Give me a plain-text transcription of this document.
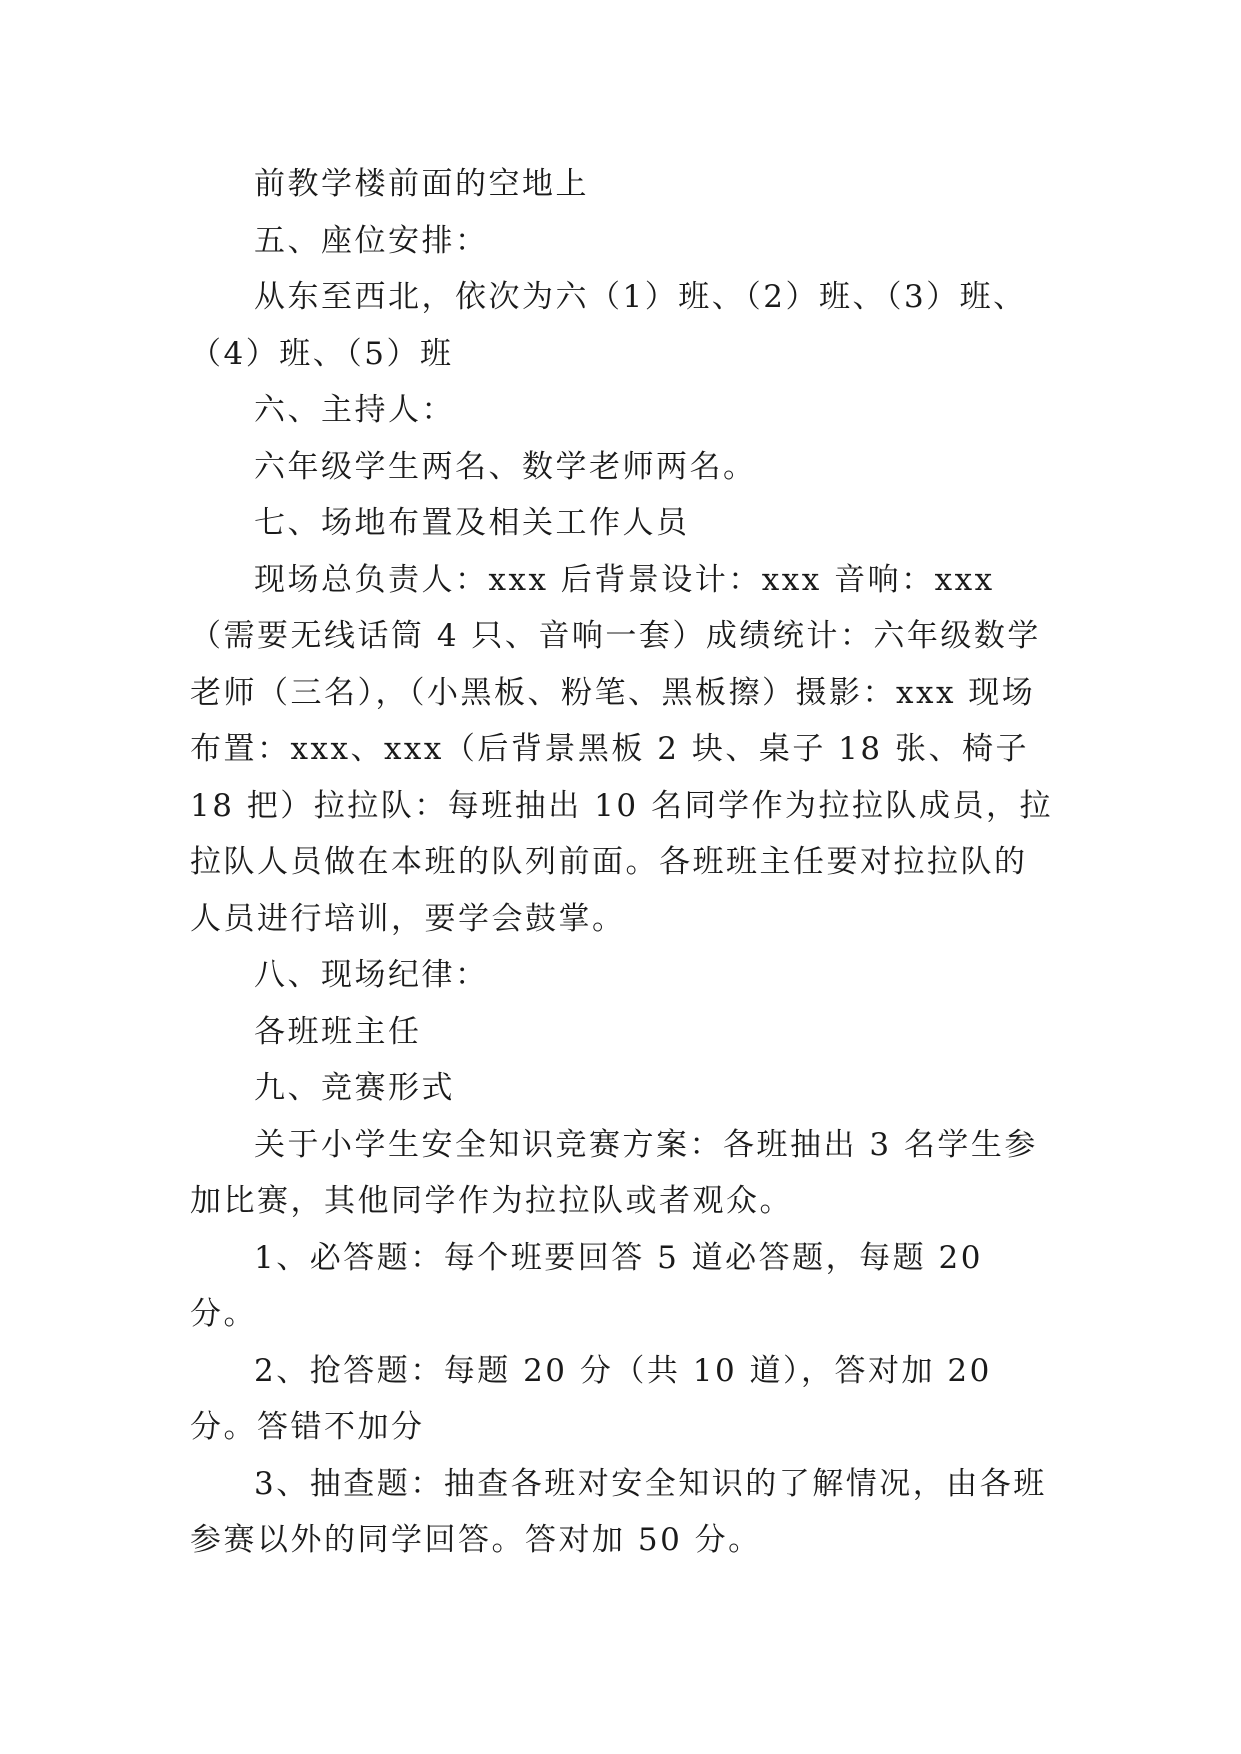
前教学楼前面的空地上

五、座位安排：

从东至西北，依次为六（1）班、（2）班、（3）班、（4）班、（5）班

六、主持人：

六年级学生两名、数学老师两名。

七、场地布置及相关工作人员

现场总负责人：xxx 后背景设计：xxx 音响：xxx（需要无线话筒 4 只、音响一套）成绩统计：六年级数学老师（三名），（小黑板、粉笔、黑板擦）摄影：xxx 现场布置：xxx、xxx（后背景黑板 2 块、桌子 18 张、椅子 18 把）拉拉队：每班抽出 10 名同学作为拉拉队成员，拉拉队人员做在本班的队列前面。各班班主任要对拉拉队的人员进行培训，要学会鼓掌。

八、现场纪律：

各班班主任

九、竞赛形式

关于小学生安全知识竞赛方案：各班抽出 3 名学生参加比赛，其他同学作为拉拉队或者观众。

1、必答题：每个班要回答 5 道必答题，每题 20 分。

2、抢答题：每题 20 分（共 10 道），答对加 20 分。答错不加分

3、抽查题：抽查各班对安全知识的了解情况，由各班参赛以外的同学回答。答对加 50 分。
